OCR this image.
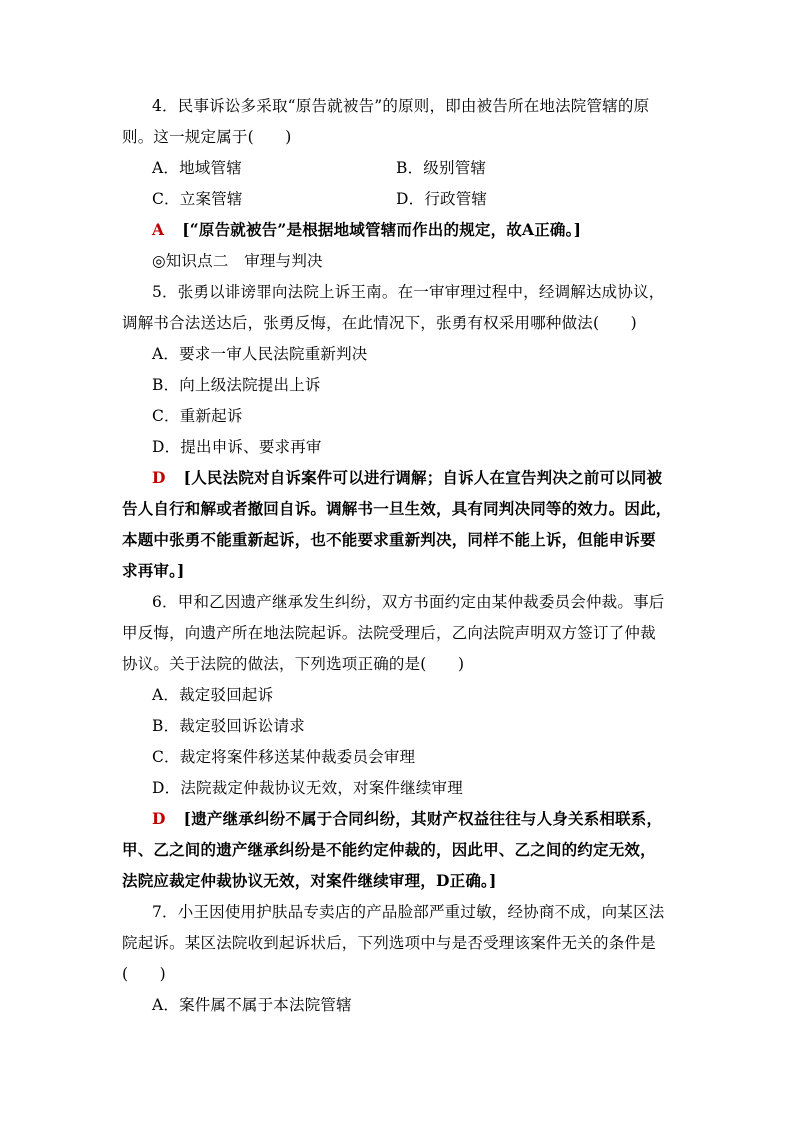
4．民事诉讼多采取“原告就被告”的原则，即由被告所在地法院管辖的原
则。这一规定属于(　　)
A．地域管辖	B．级别管辖
C．立案管辖	D．行政管辖
A [“原告就被告”是根据地域管辖而作出的规定，故A正确。]
◎知识点二　审理与判决
5．张勇以诽谤罪向法院上诉王南。在一审审理过程中，经调解达成协议，
调解书合法送达后，张勇反悔，在此情况下，张勇有权采用哪种做法(　　)
A．要求一审人民法院重新判决
B．向上级法院提出上诉
C．重新起诉
D．提出申诉、要求再审
D [人民法院对自诉案件可以进行调解；自诉人在宣告判决之前可以同被
告人自行和解或者撤回自诉。调解书一旦生效，具有同判决同等的效力。因此，
本题中张勇不能重新起诉，也不能要求重新判决，同样不能上诉，但能申诉要
求再审。]
6．甲和乙因遗产继承发生纠纷，双方书面约定由某仲裁委员会仲裁。事后
甲反悔，向遗产所在地法院起诉。法院受理后，乙向法院声明双方签订了仲裁
协议。关于法院的做法，下列选项正确的是(　　)
A．裁定驳回起诉
B．裁定驳回诉讼请求
C．裁定将案件移送某仲裁委员会审理
D．法院裁定仲裁协议无效，对案件继续审理
D [遗产继承纠纷不属于合同纠纷，其财产权益往往与人身关系相联系，
甲、乙之间的遗产继承纠纷是不能约定仲裁的，因此甲、乙之间的约定无效，
法院应裁定仲裁协议无效，对案件继续审理，D正确。]
7．小王因使用护肤品专卖店的产品脸部严重过敏，经协商不成，向某区法
院起诉。某区法院收到起诉状后，下列选项中与是否受理该案件无关的条件是
(　　)
A．案件属不属于本法院管辖
